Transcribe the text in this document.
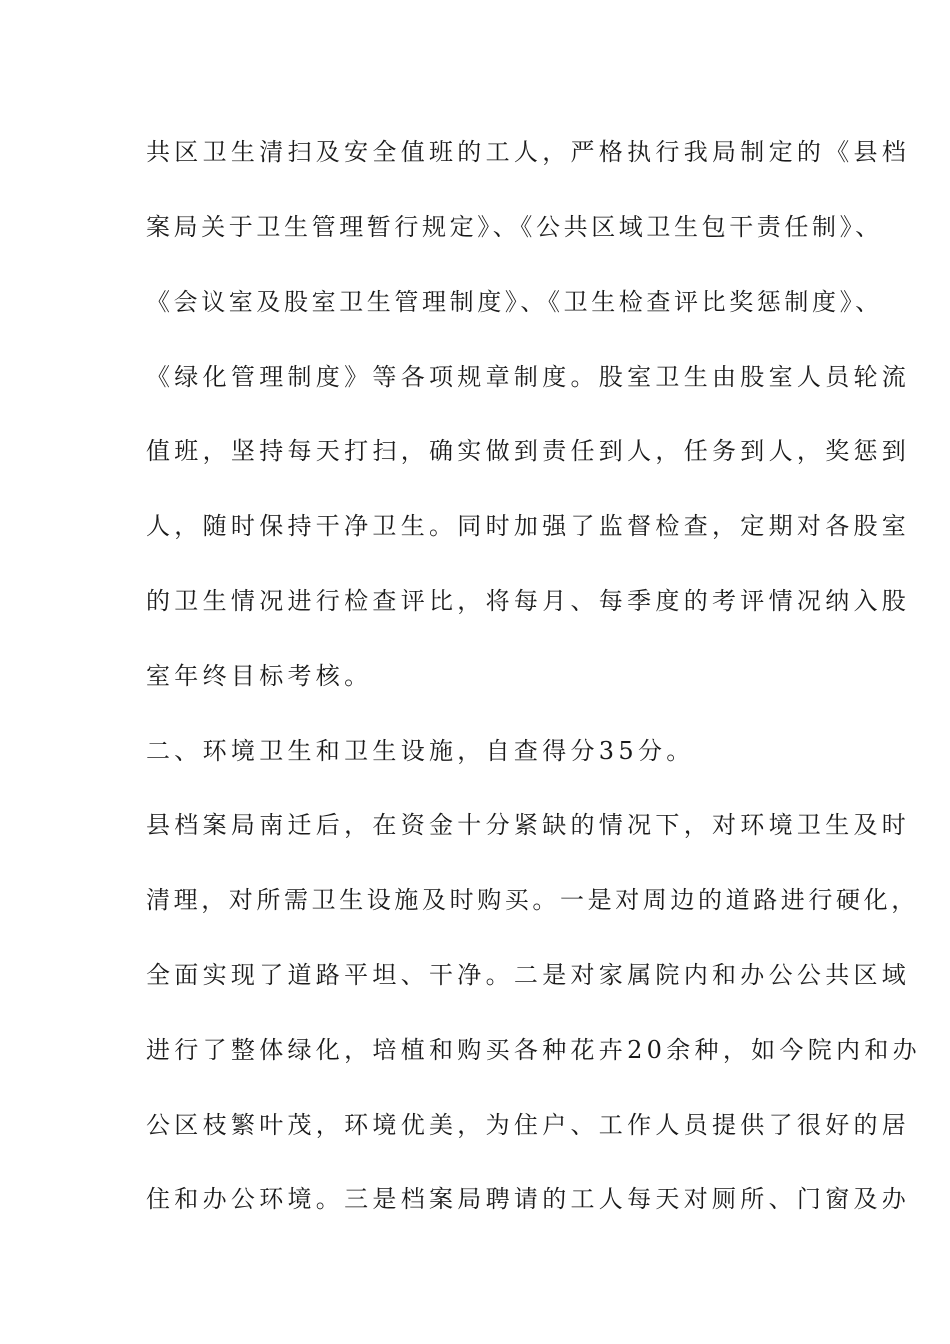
共区卫生清扫及安全值班的工人，严格执行我局制定的《县档
案局关于卫生管理暂行规定》、《公共区域卫生包干责任制》、
《会议室及股室卫生管理制度》、《卫生检查评比奖惩制度》、
《绿化管理制度》等各项规章制度。股室卫生由股室人员轮流
值班，坚持每天打扫，确实做到责任到人，任务到人，奖惩到
人，随时保持干净卫生。同时加强了监督检查，定期对各股室
的卫生情况进行检查评比，将每月、每季度的考评情况纳入股
室年终目标考核。
二、环境卫生和卫生设施，自查得分35分。
县档案局南迁后，在资金十分紧缺的情况下，对环境卫生及时
清理，对所需卫生设施及时购买。一是对周边的道路进行硬化，
全面实现了道路平坦、干净。二是对家属院内和办公公共区域
进行了整体绿化，培植和购买各种花卉20余种，如今院内和办
公区枝繁叶茂，环境优美，为住户、工作人员提供了很好的居
住和办公环境。三是档案局聘请的工人每天对厕所、门窗及办
